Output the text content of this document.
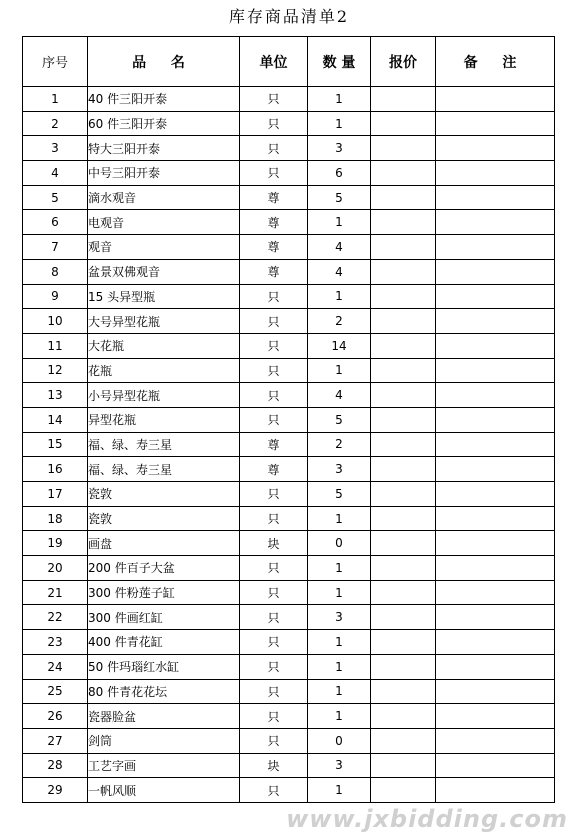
库存商品清单2
序号	品 名	单位	数 量	报价	备 注
1	40 件三阳开泰	只	1		
2	60 件三阳开泰	只	1		
3	特大三阳开泰	只	3		
4	中号三阳开泰	只	6		
5	滴水观音	尊	5		
6	电观音	尊	1		
7	观音	尊	4		
8	盆景双佛观音	尊	4		
9	15 头异型瓶	只	1		
10	大号异型花瓶	只	2		
11	大花瓶	只	14		
12	花瓶	只	1		
13	小号异型花瓶	只	4		
14	异型花瓶	只	5		
15	福、绿、寿三星	尊	2		
16	福、绿、寿三星	尊	3		
17	瓷敦	只	5		
18	瓷敦	只	1		
19	画盘	块	0		
20	200 件百子大盆	只	1		
21	300 件粉莲子缸	只	1		
22	300 件画红缸	只	3		
23	400 件青花缸	只	1		
24	50 件玛瑙红水缸	只	1		
25	80 件青花花坛	只	1		
26	瓷器脸盆	只	1		
27	剑筒	只	0		
28	工艺字画	块	3		
29	一帆风顺	只	1		
www.jxbidding.com
